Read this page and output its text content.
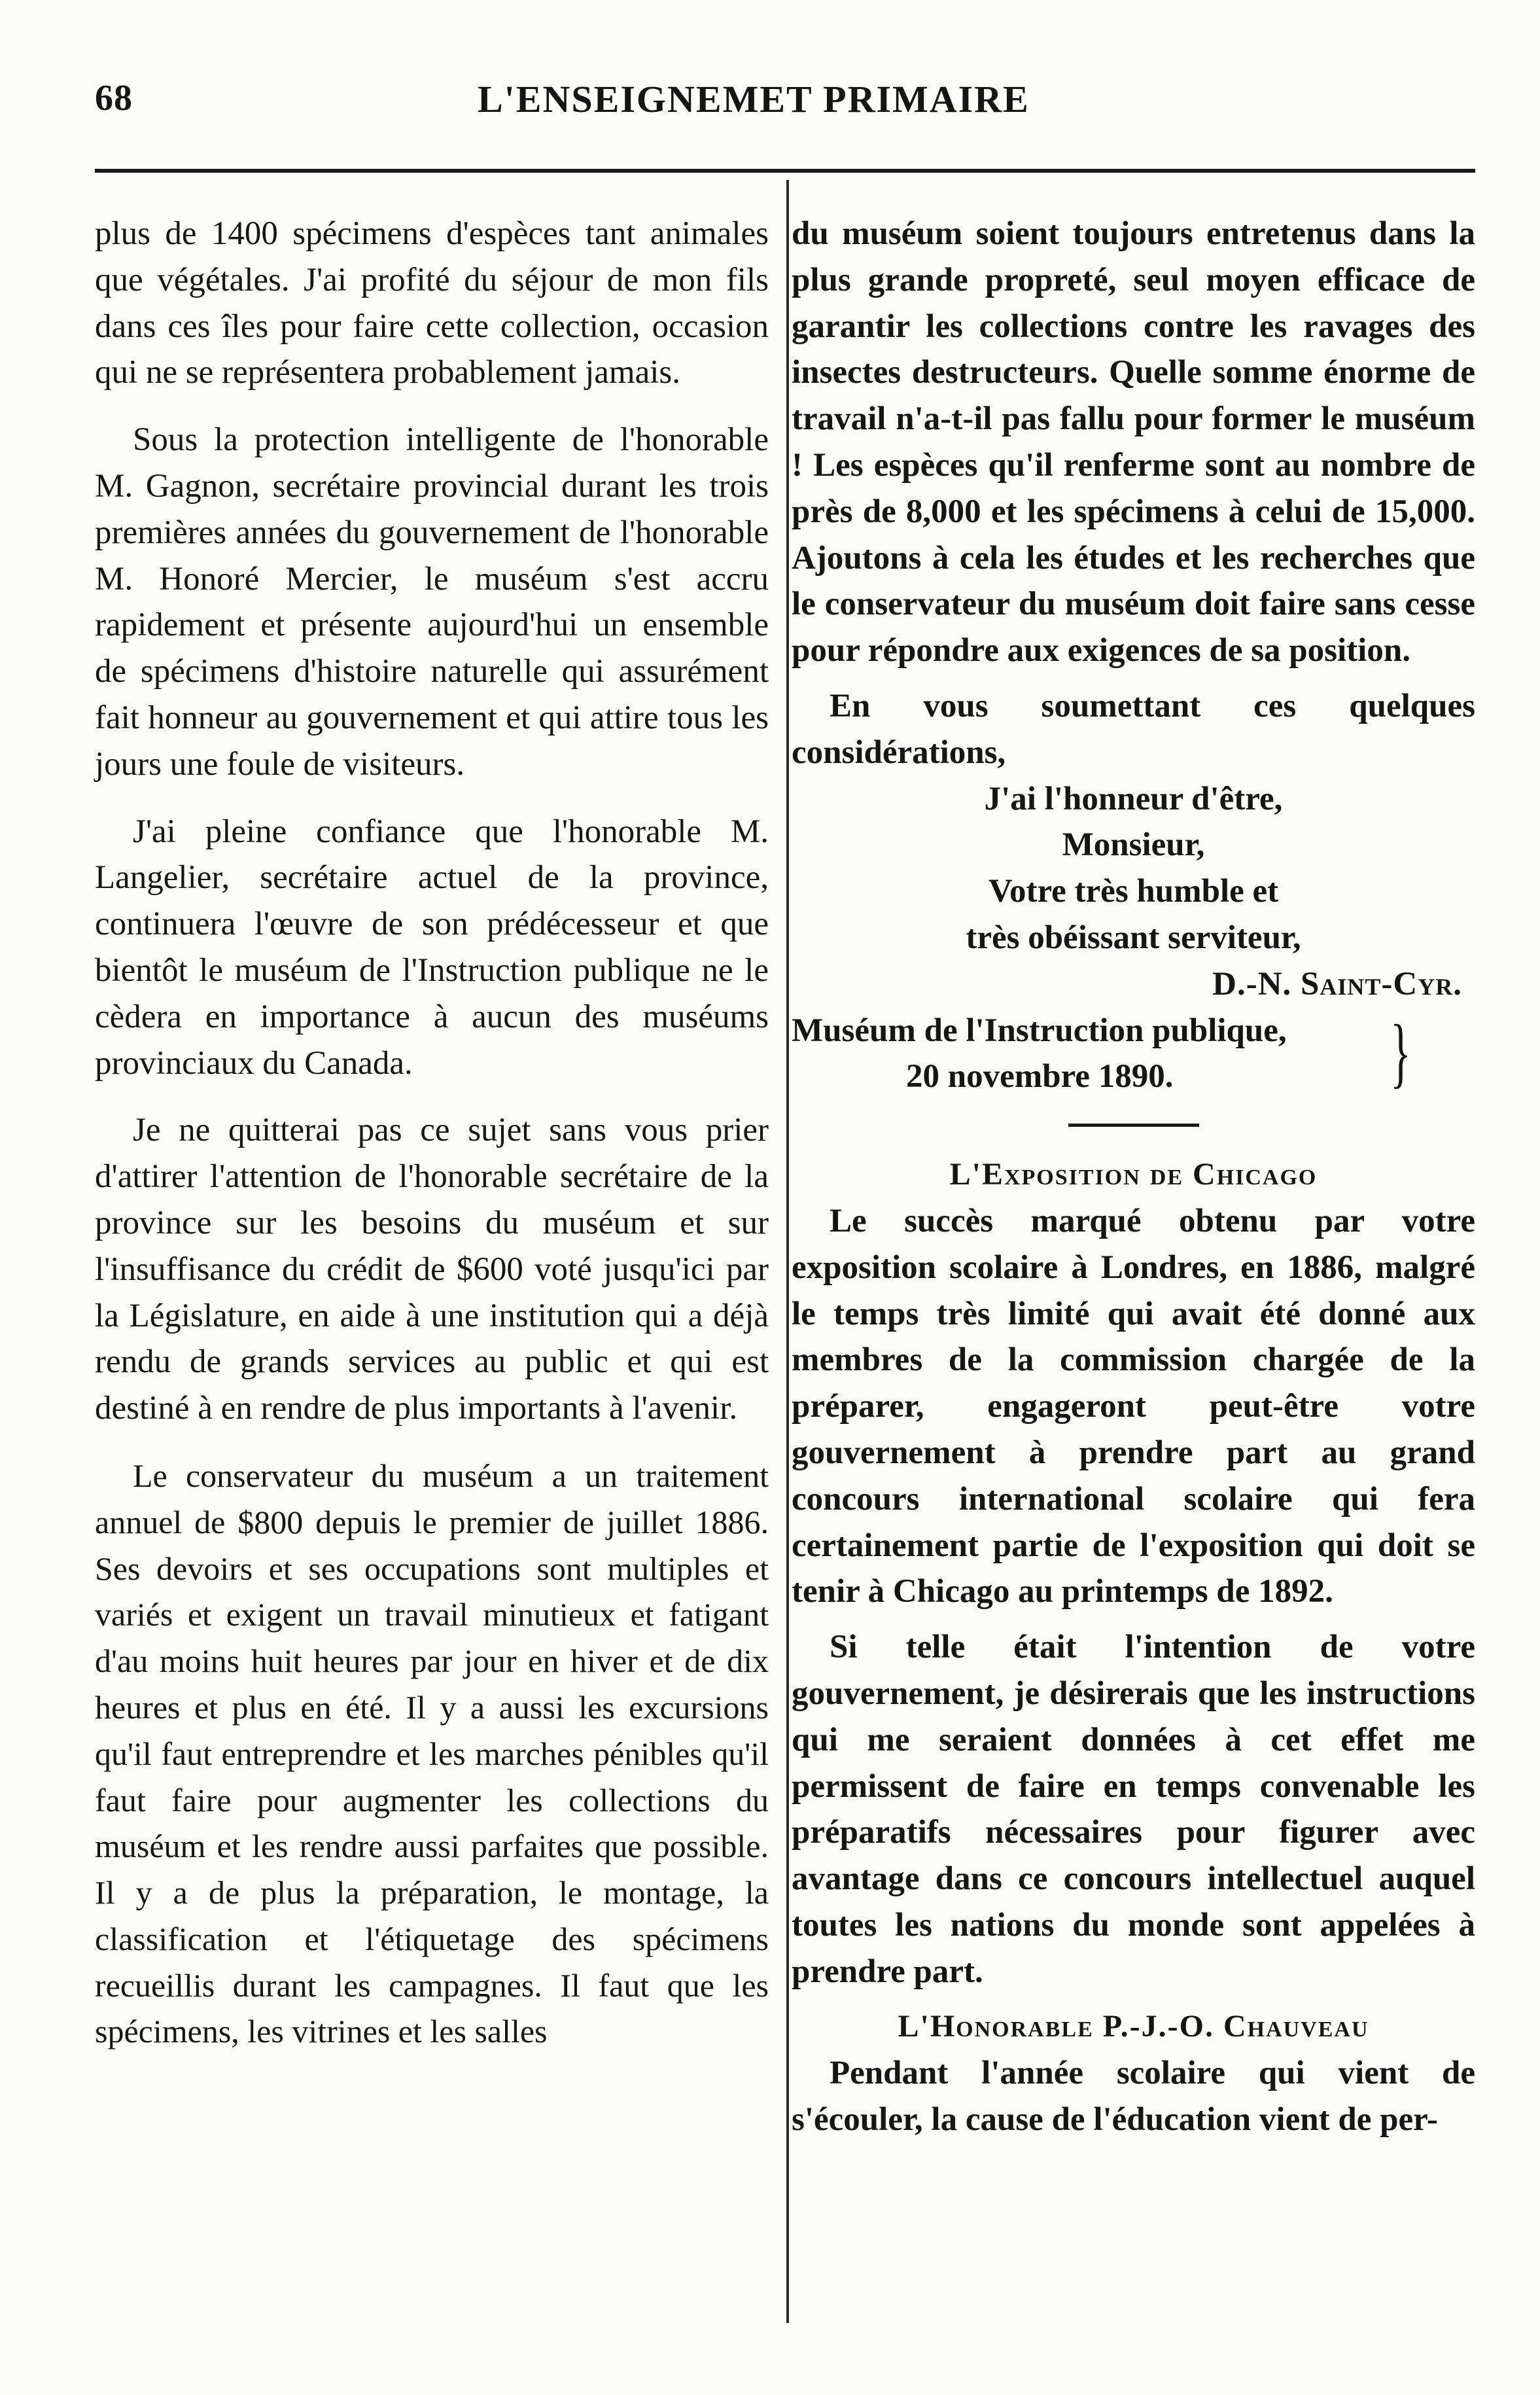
68	L'ENSEIGNEMET PRIMAIRE

plus de 1400 spécimens d'espèces tant animales que végétales. J'ai profité du séjour de mon fils dans ces îles pour faire cette collection, occasion qui ne se représentera probablement jamais.

Sous la protection intelligente de l'honorable M. Gagnon, secrétaire provincial durant les trois premières années du gouvernement de l'honorable M. Honoré Mercier, le muséum s'est accru rapidement et présente aujourd'hui un ensemble de spécimens d'histoire naturelle qui assurément fait honneur au gouvernement et qui attire tous les jours une foule de visiteurs.

J'ai pleine confiance que l'honorable M. Langelier, secrétaire actuel de la province, continuera l'œuvre de son prédécesseur et que bientôt le muséum de l'Instruction publique ne le cèdera en importance à aucun des muséums provinciaux du Canada.

Je ne quitterai pas ce sujet sans vous prier d'attirer l'attention de l'honorable secrétaire de la province sur les besoins du muséum et sur l'insuffisance du crédit de $600 voté jusqu'ici par la Législature, en aide à une institution qui a déjà rendu de grands services au public et qui est destiné à en rendre de plus importants à l'avenir.

Le conservateur du muséum a un traitement annuel de $800 depuis le premier de juillet 1886. Ses devoirs et ses occupations sont multiples et variés et exigent un travail minutieux et fatigant d'au moins huit heures par jour en hiver et de dix heures et plus en été. Il y a aussi les excursions qu'il faut entreprendre et les marches pénibles qu'il faut faire pour augmenter les collections du muséum et les rendre aussi parfaites que possible. Il y a de plus la préparation, le montage, la classification et l'étiquetage des spécimens recueillis durant les campagnes. Il faut que les spécimens, les vitrines et les salles

du muséum soient toujours entretenus dans la plus grande propreté, seul moyen efficace de garantir les collections contre les ravages des insectes destructeurs. Quelle somme énorme de travail n'a-t-il pas fallu pour former le muséum ! Les espèces qu'il renferme sont au nombre de près de 8,000 et les spécimens à celui de 15,000. Ajoutons à cela les études et les recherches que le conservateur du muséum doit faire sans cesse pour répondre aux exigences de sa position.

En vous soumettant ces quelques considérations,

J'ai l'honneur d'être,
Monsieur,
Votre très humble et
très obéissant serviteur,
D.-N. Saint-Cyr.
Muséum de l'Instruction publique,
20 novembre 1890.	}

L'Exposition de Chicago

Le succès marqué obtenu par votre exposition scolaire à Londres, en 1886, malgré le temps très limité qui avait été donné aux membres de la commission chargée de la préparer, engageront peut-être votre gouvernement à prendre part au grand concours international scolaire qui fera certainement partie de l'exposition qui doit se tenir à Chicago au printemps de 1892.

Si telle était l'intention de votre gouvernement, je désirerais que les instructions qui me seraient données à cet effet me permissent de faire en temps convenable les préparatifs nécessaires pour figurer avec avantage dans ce concours intellectuel auquel toutes les nations du monde sont appelées à prendre part.

L'Honorable P.-J.-O. Chauveau

Pendant l'année scolaire qui vient de s'écouler, la cause de l'éducation vient de per-
